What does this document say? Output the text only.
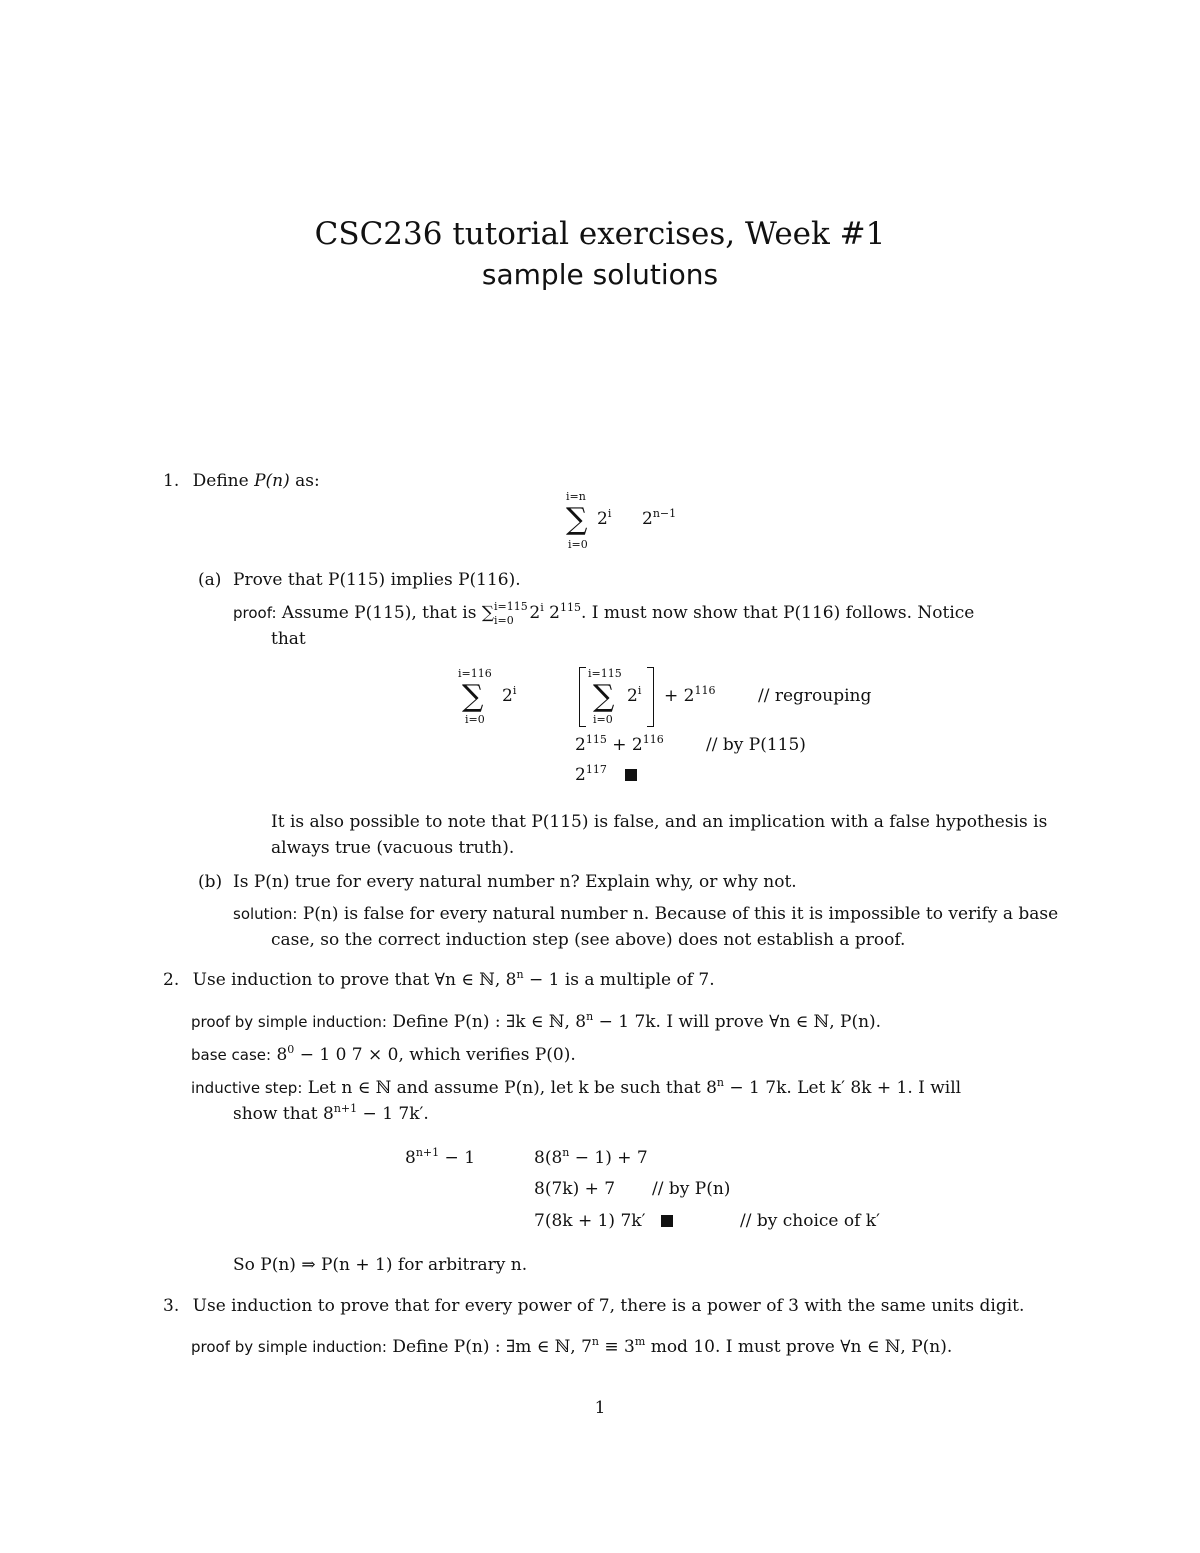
CSC236 tutorial exercises, Week #1
sample solutions
1. Define P(n) as:
i=n
∑
i=0
2$^i$ $2^{n-1}$
(a) Prove that P(115) implies P(116).
proof: Assume P(115), that is ∑ i=115
i=0 2$^i$ $2^{115}$. I must now show that P(116) follows. Notice
that
i=116
∑
i=0
2$^i$
i=115
∑
i=0
$2^i + 2^{116}$	// regrouping
$2^{115} + 2^{116}$ // by P(115)
$2^{117}$
It is also possible to note that P(115) is false, and an implication with a false hypothesis is
always true (vacuous truth).
(b) Is P(n) true for every natural number n? Explain why, or why not.
solution: P(n) is false for every natural number n. Because of this it is impossible to verify a base
case, so the correct induction step (see above) does not establish a proof.
2. Use induction to prove that ∀n ∈ ℕ, $8^n - 1$ is a multiple of 7.
proof by simple induction: Define P(n) : ∃k ∈ ℕ, $8^n - 1$ 7k. I will prove ∀n ∈ ℕ, P(n).
base case: $8^0 - 1$ 0 7 × 0, which verifies P(0).
inductive step: Let n ∈ ℕ and assume P(n), let k be such that $8^n - 1$ 7k. Let k′ 8k + 1. I will
show that $8^{n+1} - 1$ 7k′.
$8^{n+1} - 1$	$8(8^n - 1) + 7$
8(7k) + 7 // by P(n)
7(8k + 1) 7k′	// by choice of k′
So P(n) ⇒ P(n + 1) for arbitrary n.
3. Use induction to prove that for every power of 7, there is a power of 3 with the same units digit.
proof by simple induction: Define P(n) : ∃m ∈ ℕ, $7^n \equiv 3^m$ mod 10. I must prove ∀n ∈ ℕ, P(n).
1
